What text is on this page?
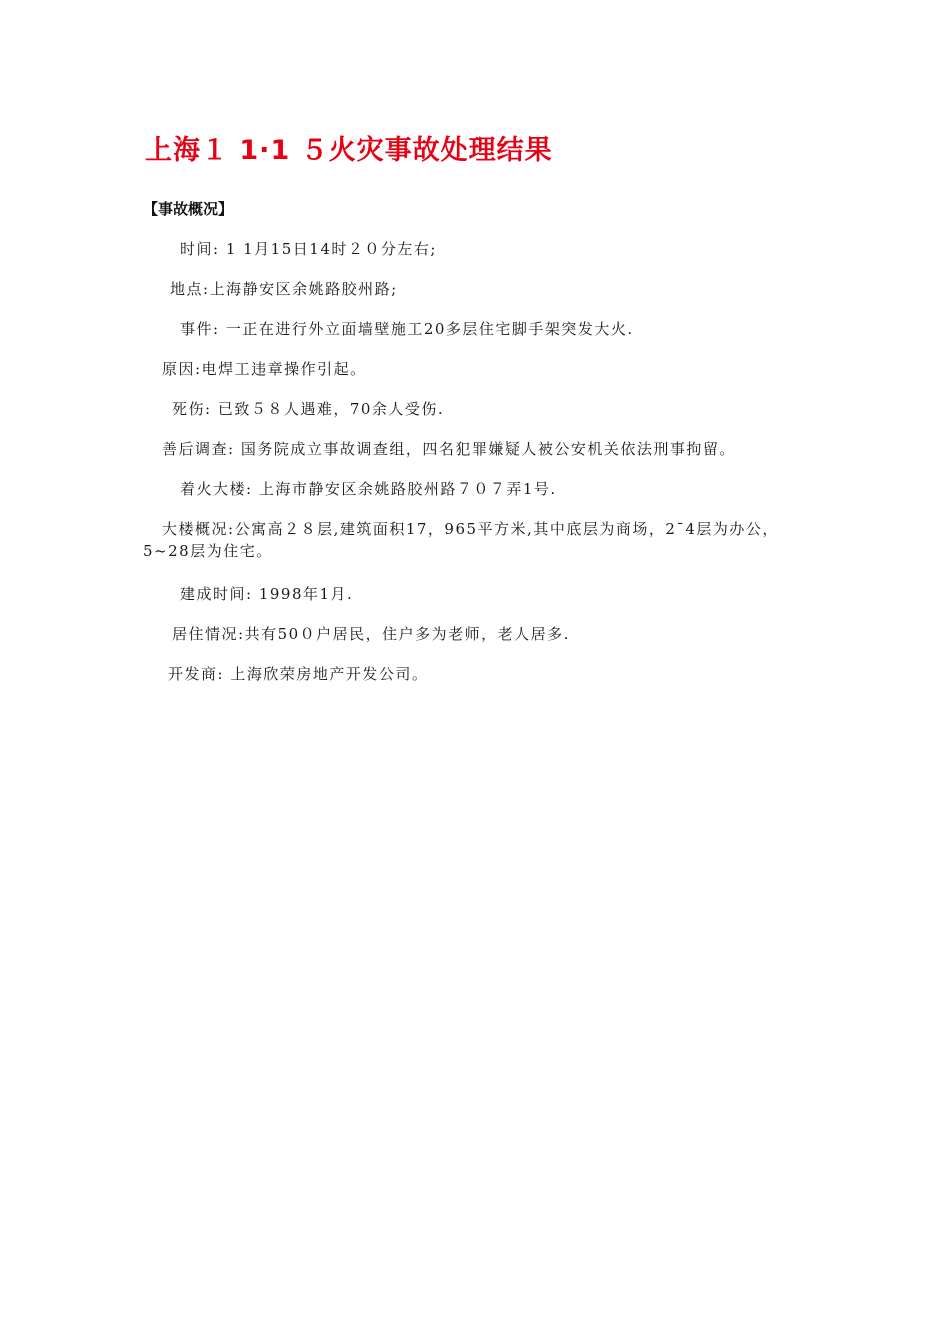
上海１ 1·1 ５火灾事故处理结果
【事故概况】

时间: 1 1月15日14时２０分左右;

地点:上海静安区余姚路胶州路;

事件: 一正在进行外立面墙壁施工20多层住宅脚手架突发大火.

原因:电焊工违章操作引起。

死伤: 已致５８人遇难，70余人受伤.

善后调查: 国务院成立事故调查组，四名犯罪嫌疑人被公安机关依法刑事拘留。

着火大楼: 上海市静安区余姚路胶州路７０７弄1号.

大楼概况:公寓高２８层,建筑面积17，965平方米,其中底层为商场，2¯4层为办公，5~28层为住宅。

建成时间: 1998年1月.

居住情况:共有50０户居民，住户多为老师，老人居多.

开发商: 上海欣荣房地产开发公司。
